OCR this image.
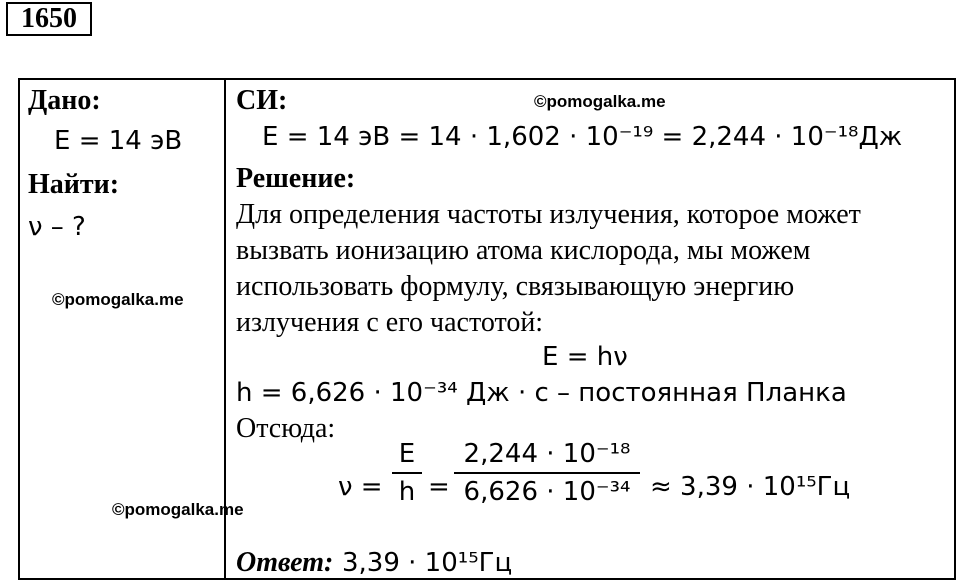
1650
Дано:
E = 14 эВ
Найти:
ν – ?
©pomogalka.me
СИ:	©pomogalka.me
E = 14 эВ = 14 · 1,602 · 10⁻¹⁹ = 2,244 · 10⁻¹⁸Дж
Решение:
Для определения частоты излучения, которое может
вызвать ионизацию атома кислорода, мы можем
использовать формулу, связывающую энергию
излучения с его частотой:
E = hν
h = 6,626 · 10⁻³⁴ Дж · с – постоянная Планка
Отсюда:
ν =
E
h =
2,244 · 10⁻¹⁸
6,626 · 10⁻³⁴ ≈ 3,39 · 10¹⁵Гц
©pomogalka.me
Ответ: 3,39 · 10¹⁵Гц
